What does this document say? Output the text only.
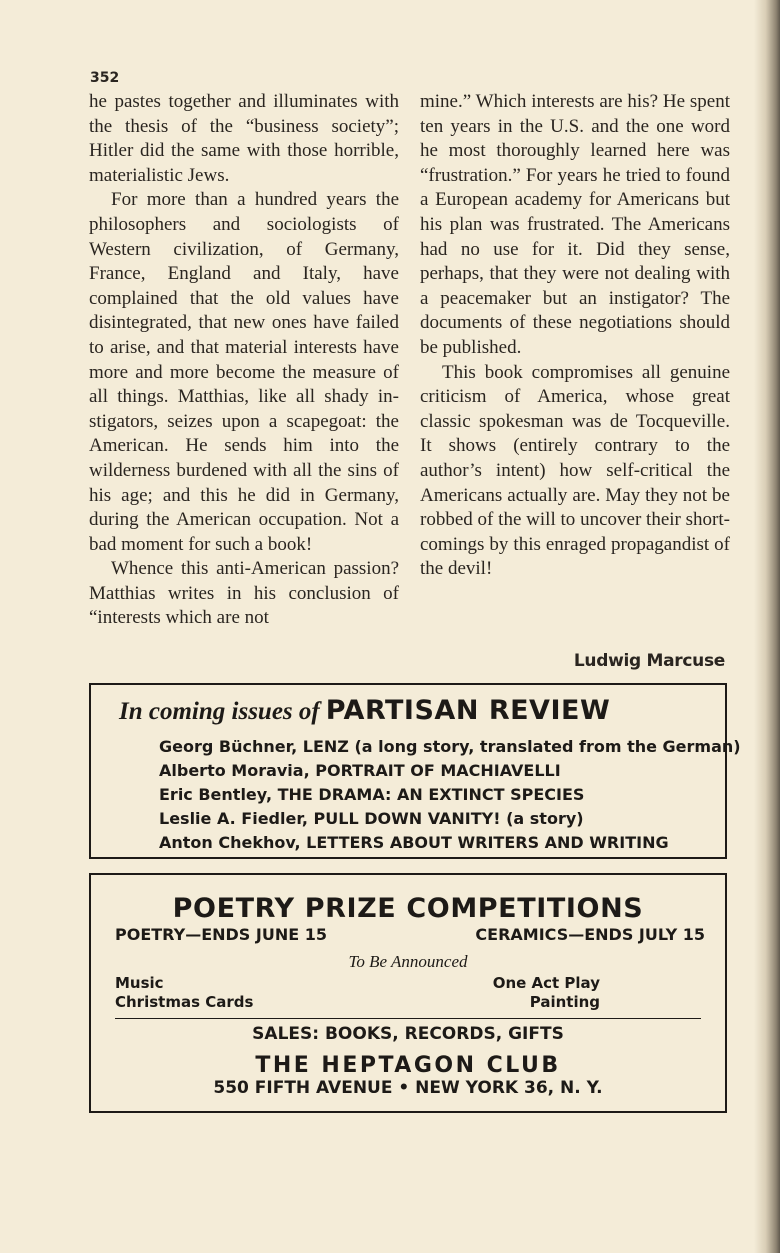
352

he pastes together and illuminates with the thesis of the “business society”; Hitler did the same with those horrible, materialistic Jews.

For more than a hundred years the philosophers and sociologists of Western civilization, of Germany, France, England and Italy, have complained that the old values have disintegrated, that new ones have failed to arise, and that material interests have more and more become the measure of all things. Matthias, like all shady instigators, seizes upon a scapegoat: the American. He sends him into the wilderness burdened with all the sins of his age; and this he did in Germany, during the American occupation. Not a bad moment for such a book!

Whence this anti-American passion? Matthias writes in his conclusion of “interests which are not

mine.” Which interests are his? He spent ten years in the U.S. and the one word he most thoroughly learned here was “frustration.” For years he tried to found a European academy for Americans but his plan was frustrated. The Americans had no use for it. Did they sense, perhaps, that they were not dealing with a peacemaker but an instigator? The documents of these negotiations should be published.

This book compromises all genuine criticism of America, whose great classic spokesman was de Tocqueville. It shows (entirely contrary to the author’s intent) how self-critical the Americans actually are. May they not be robbed of the will to uncover their shortcomings by this enraged propagandist of the devil!

Ludwig Marcuse
In coming issues of PARTISAN REVIEW
Georg Büchner, LENZ (a long story, translated from the German)
Alberto Moravia, PORTRAIT OF MACHIAVELLI
Eric Bentley, THE DRAMA: AN EXTINCT SPECIES
Leslie A. Fiedler, PULL DOWN VANITY! (a story)
Anton Chekhov, LETTERS ABOUT WRITERS AND WRITING
POETRY PRIZE COMPETITIONS
POETRY—ENDS JUNE 15	CERAMICS—ENDS JULY 15
To Be Announced
Music
Christmas Cards
One Act Play
Painting
SALES: BOOKS, RECORDS, GIFTS
THE HEPTAGON CLUB
550 FIFTH AVENUE • NEW YORK 36, N. Y.
